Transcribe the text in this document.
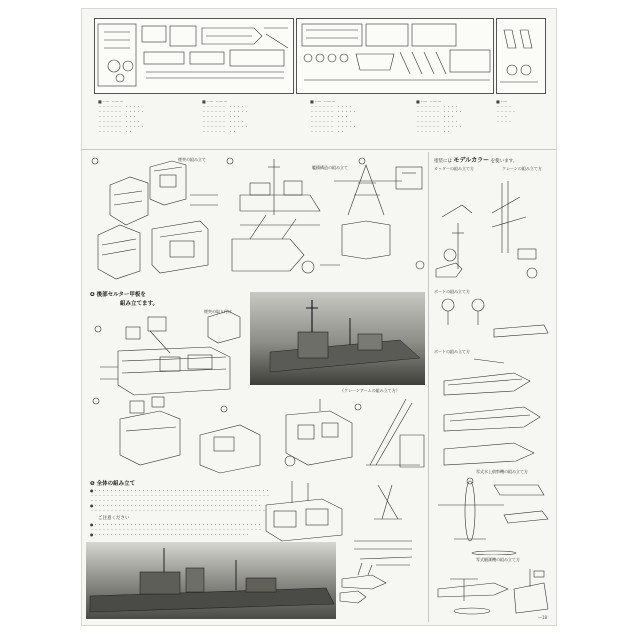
■ ·····  ·········
・・・・・・  ・・・・
・・・・・・  ・・・・・
・・・・・・  ・・・
・・・・・・  ・・・・
・・・・・・  ・・・・・
・・・・・・  ・・
■ ·····  ·········
・・・・・・  ・・・・
・・・・・・  ・・・・・
・・・・・・  ・・・
・・・・・・  ・・・・
・・・・・・  ・・・・・
・・・・・・  ・・
■ ·····  ·········
・・・・・・  ・・・・
・・・・・・  ・・・・・
・・・・・・  ・・・
・・・・・・  ・・・・
・・・・・・  ・・・・・
・・・・・・  ・・
■ ·····  ·········
・・・・・・  ・・・・
・・・・・・  ・・・・・
・・・・・・  ・・・
・・・・・・  ・・・・
・・・・・・  ・・・・・
・・・・・・  ・・
■ ·····
・・・・
・・・・・
・・・
・・・・
煙突の組み立て
艦橋構造の組み立て
❹ 後部セルター甲板を
組み立てます。
煙突の取り付け
（クレーンアームの組み立て方）
❺ 全体の組み立て
●・・・・・・・・・・・・・・・・・・・・・・・・・・・・・・・・・・・・・・・・・・・・
・・・・・・・・・・・・・・・・・・・・・・・・・・・・・・・・・・・・・・・・・・・・・
・・・・・・・・・・・・・・・・・・・・・・・・・・・・・・・・・・・・・・・・・・
●・・・・・・・・・・・・・・・・・・・・・・・・・・・・・・・・・・・・・・・・・・
・・・・・・・・・・・・・・・・・・・・・・・・・・・・・・・・・・・・・・・・・・・・
ご注意ください
●・・・・・・・・・・・・・・・・・・・・・・・・・・・・・・・・・・・・・・・・・・
・・・・・・・・・・・・・・・・・・・・・・・・・・・・・・・・・・・・・・・・・・・
●・・・・・・・・・・・・・・・・・・・・・・・・・・・・・・・・・・・・・・・
塗装には モデルカラー を使います。
カッターの組み立て方	クレーンの組み立て方
ボートの組み立て方
ボートの組み立て方
零式水上偵察機の組み立て方
零式観測機の組み立て方
—18
